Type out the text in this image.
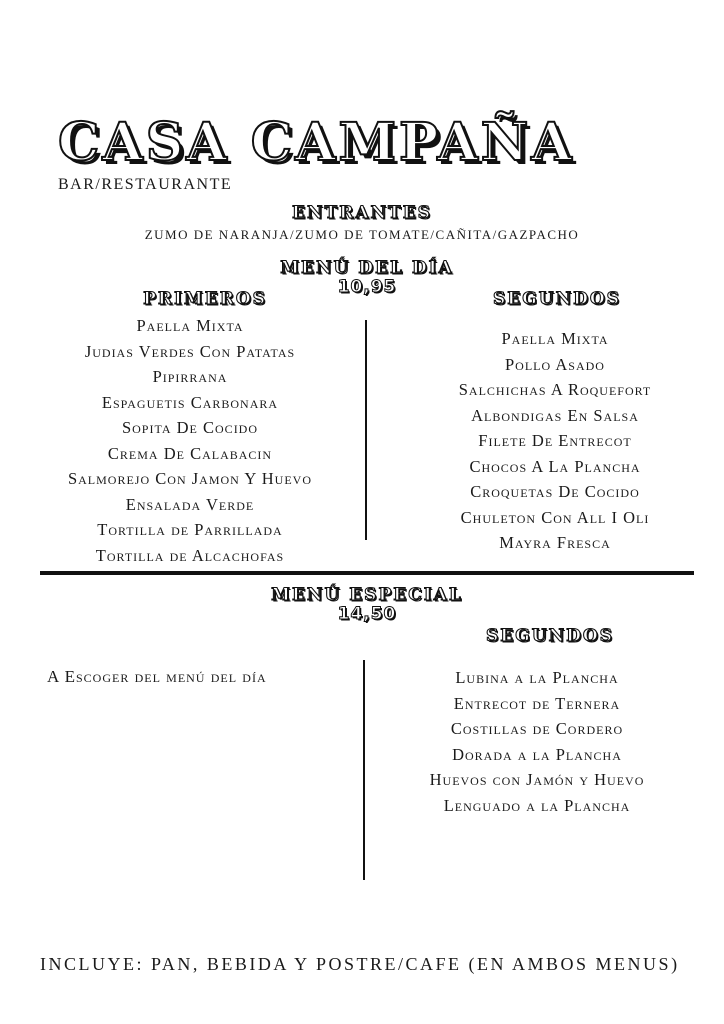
CASA CAMPAÑA
BAR/RESTAURANTE
ENTRANTES
ZUMO DE NARANJA/ZUMO DE TOMATE/CAÑITA/GAZPACHO
MENÚ DEL DÍA
10,95
PRIMEROS	SEGUNDOS
Paella Mixta
Judias Verdes Con Patatas
Pipirrana
Espaguetis Carbonara
Sopita De Cocido
Crema De Calabacin
Salmorejo Con Jamon Y Huevo
Ensalada Verde
Tortilla de Parrillada
Tortilla de Alcachofas
Paella Mixta
Pollo Asado
Salchichas A Roquefort
Albondigas En Salsa
Filete De Entrecot
Chocos A La Plancha
Croquetas De Cocido
Chuleton Con All I Oli
Mayra Fresca
MENÚ ESPECIAL
14,50
SEGUNDOS
A Escoger del menú del día	Lubina a la Plancha
Entrecot de Ternera
Costillas de Cordero
Dorada a la Plancha
Huevos con Jamón y Huevo
Lenguado a la Plancha
INCLUYE: PAN, BEBIDA Y POSTRE/CAFE (EN AMBOS MENUS)
